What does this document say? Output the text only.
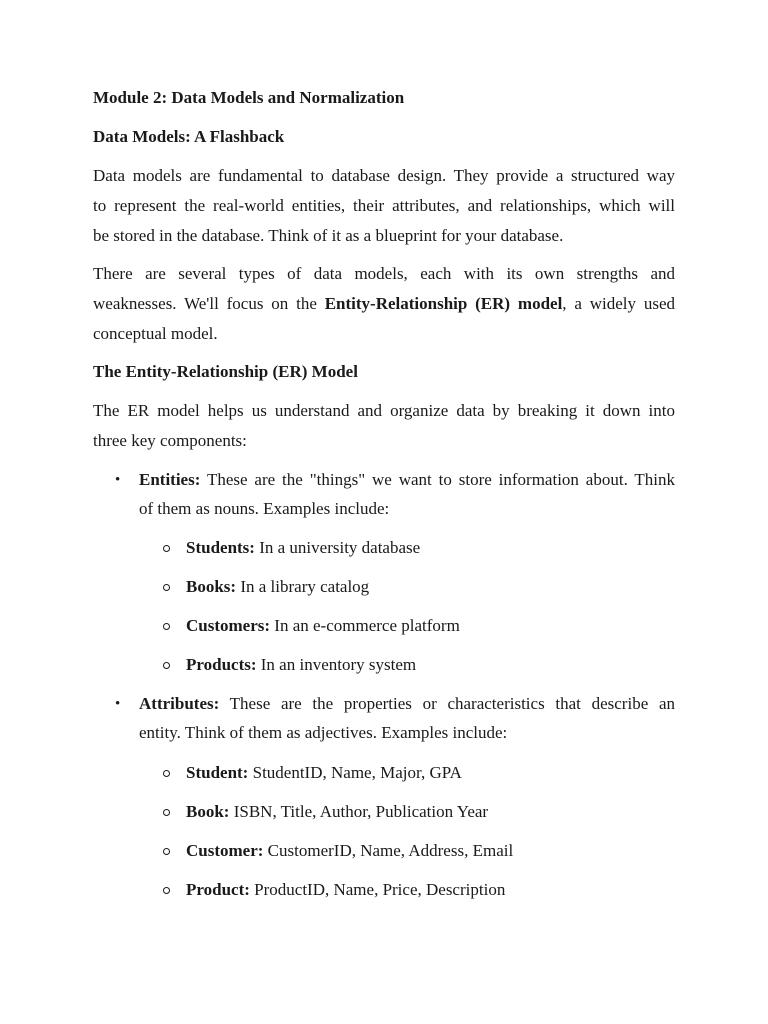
Module 2: Data Models and Normalization
Data Models: A Flashback
Data models are fundamental to database design. They provide a structured way
to represent the real-world entities, their attributes, and relationships, which will
be stored in the database. Think of it as a blueprint for your database.
There are several types of data models, each with its own strengths and
weaknesses. We'll focus on the Entity-Relationship (ER) model, a widely used
conceptual model.
The Entity-Relationship (ER) Model
The ER model helps us understand and organize data by breaking it down into
three key components:
• Entities: These are the "things" we want to store information about. Think
of them as nouns. Examples include:
Students: In a university database
Books: In a library catalog
Customers: In an e-commerce platform
Products: In an inventory system
• Attributes: These are the properties or characteristics that describe an
entity. Think of them as adjectives. Examples include:
Student: StudentID, Name, Major, GPA
Book: ISBN, Title, Author, Publication Year
Customer: CustomerID, Name, Address, Email
Product: ProductID, Name, Price, Description
